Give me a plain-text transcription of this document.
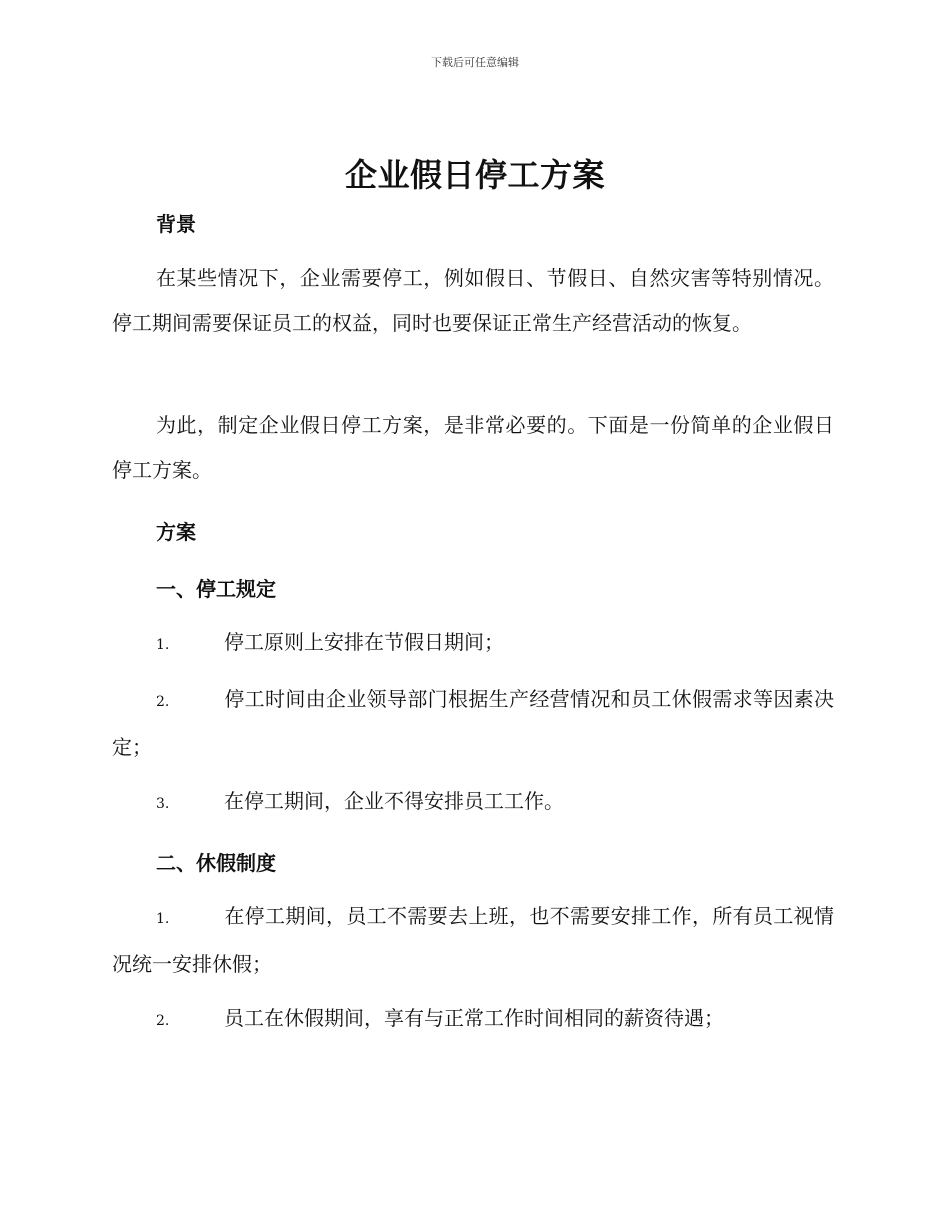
下载后可任意编辑
企业假日停工方案
背景

在某些情况下，企业需要停工，例如假日、节假日、自然灾害等特别情况。停工期间需要保证员工的权益，同时也要保证正常生产经营活动的恢复。

为此，制定企业假日停工方案，是非常必要的。下面是一份简单的企业假日停工方案。

方案
一、停工规定

1.	停工原则上安排在节假日期间；

2.	停工时间由企业领导部门根据生产经营情况和员工休假需求等因素决定；

3.	在停工期间，企业不得安排员工工作。

二、休假制度

1.	在停工期间，员工不需要去上班，也不需要安排工作，所有员工视情况统一安排休假；

2.	员工在休假期间，享有与正常工作时间相同的薪资待遇；
